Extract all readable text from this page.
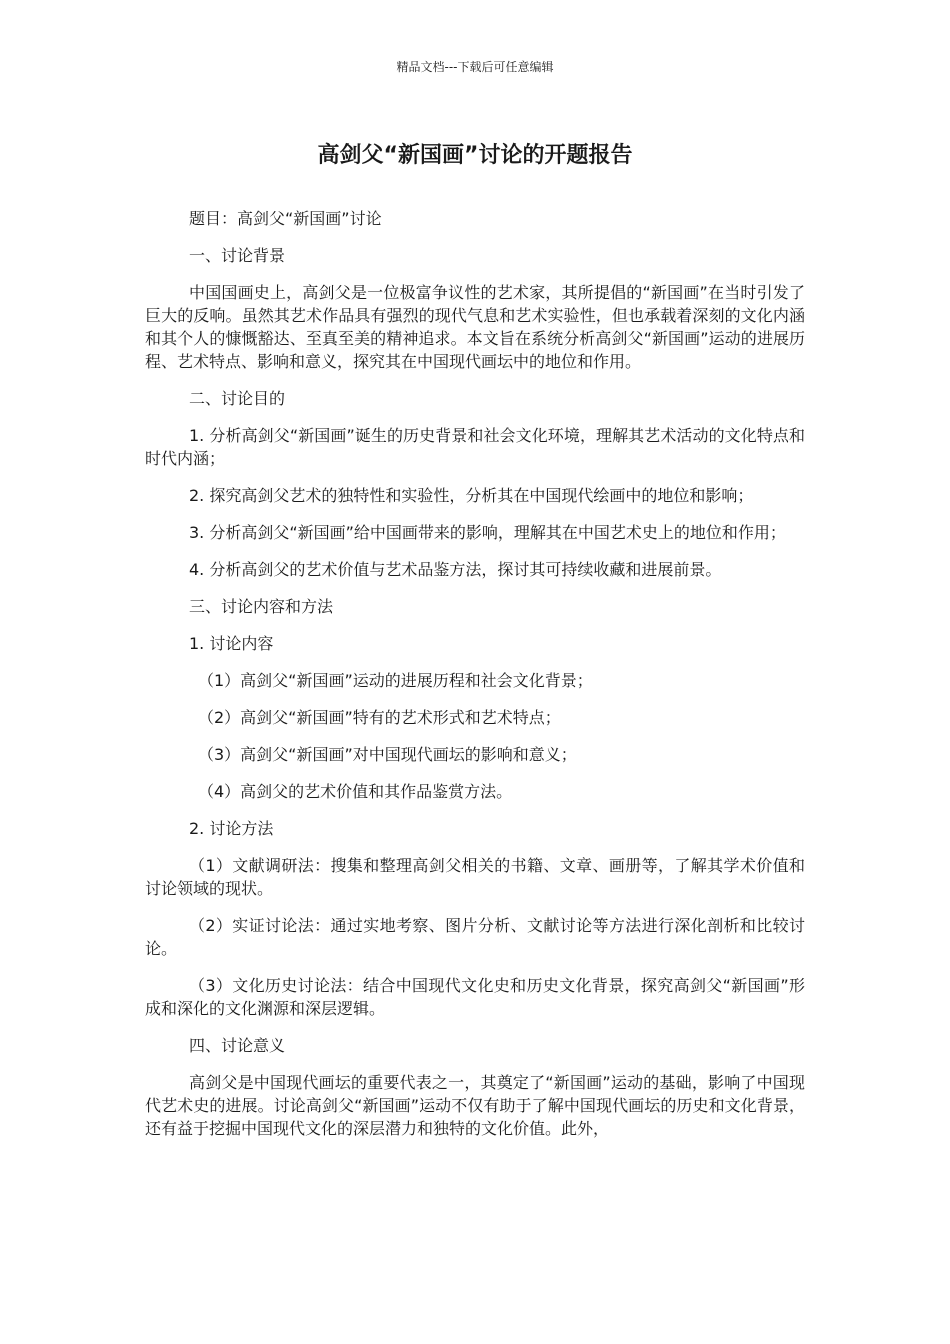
精品文档---下载后可任意编辑
高剑父“新国画”讨论的开题报告

题目：高剑父“新国画”讨论

一、讨论背景

中国国画史上，高剑父是一位极富争议性的艺术家，其所提倡的“新国画”在当时引发了巨大的反响。虽然其艺术作品具有强烈的现代气息和艺术实验性，但也承载着深刻的文化内涵和其个人的慷慨豁达、至真至美的精神追求。本文旨在系统分析高剑父“新国画”运动的进展历程、艺术特点、影响和意义，探究其在中国现代画坛中的地位和作用。

二、讨论目的

1. 分析高剑父“新国画”诞生的历史背景和社会文化环境，理解其艺术活动的文化特点和时代内涵；

2. 探究高剑父艺术的独特性和实验性，分析其在中国现代绘画中的地位和影响；

3. 分析高剑父“新国画”给中国画带来的影响，理解其在中国艺术史上的地位和作用；

4. 分析高剑父的艺术价值与艺术品鉴方法，探讨其可持续收藏和进展前景。

三、讨论内容和方法

1. 讨论内容

（1）高剑父“新国画”运动的进展历程和社会文化背景；

（2）高剑父“新国画”特有的艺术形式和艺术特点；

（3）高剑父“新国画”对中国现代画坛的影响和意义；

（4）高剑父的艺术价值和其作品鉴赏方法。

2. 讨论方法

（1）文献调研法：搜集和整理高剑父相关的书籍、文章、画册等，了解其学术价值和讨论领域的现状。

（2）实证讨论法：通过实地考察、图片分析、文献讨论等方法进行深化剖析和比较讨论。

（3）文化历史讨论法：结合中国现代文化史和历史文化背景，探究高剑父“新国画”形成和深化的文化渊源和深层逻辑。

四、讨论意义

高剑父是中国现代画坛的重要代表之一，其奠定了“新国画”运动的基础，影响了中国现代艺术史的进展。讨论高剑父“新国画”运动不仅有助于了解中国现代画坛的历史和文化背景，还有益于挖掘中国现代文化的深层潜力和独特的文化价值。此外，
